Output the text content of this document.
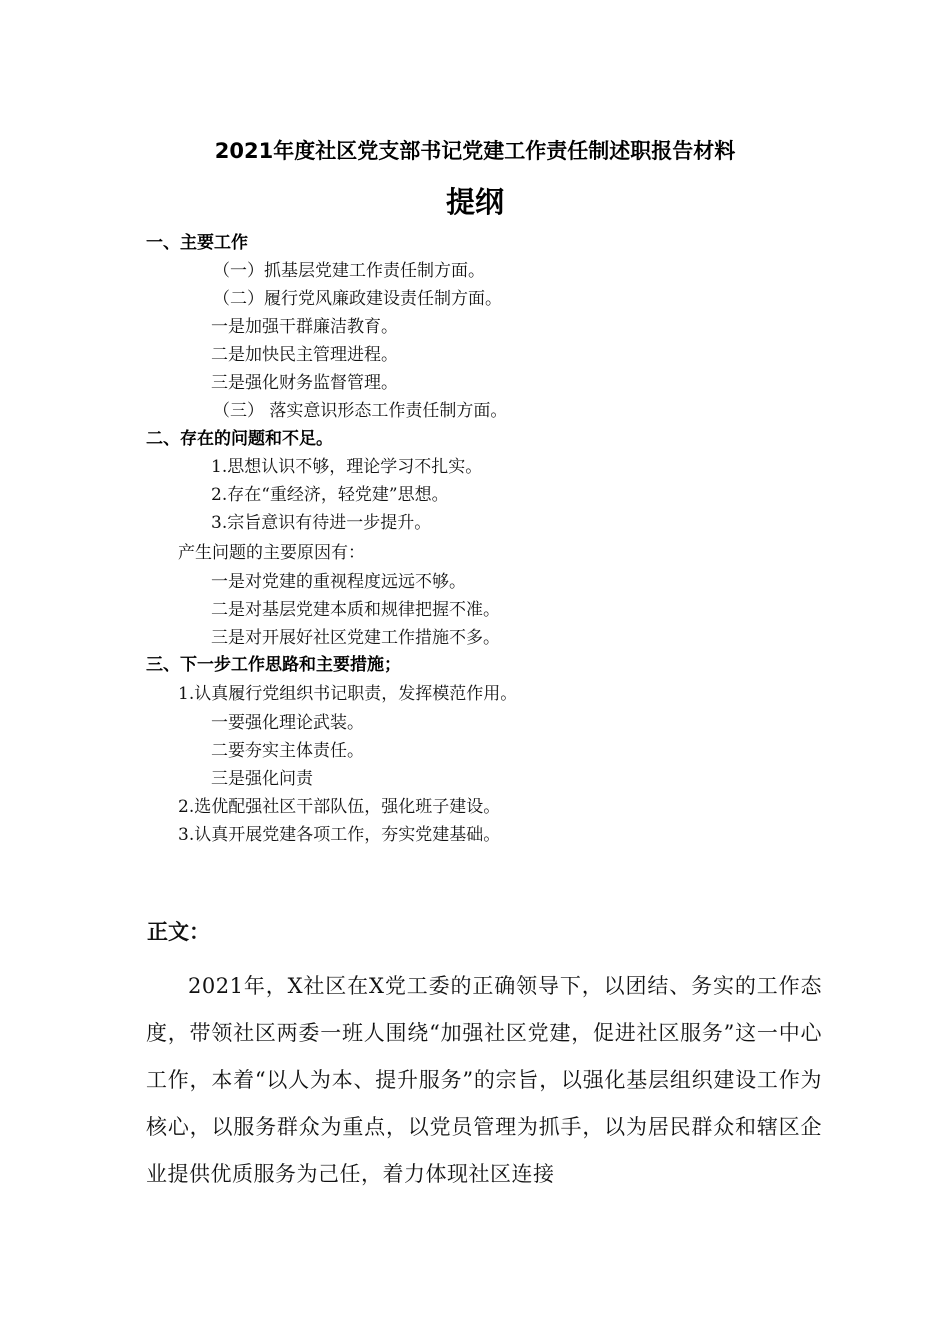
2021年度社区党支部书记党建工作责任制述职报告材料
提纲
一、主要工作
（一）抓基层党建工作责任制方面。
（二）履行党风廉政建设责任制方面。
一是加强干群廉洁教育。
二是加快民主管理进程。
三是强化财务监督管理。
（三） 落实意识形态工作责任制方面。
二、存在的问题和不足。
1.思想认识不够，理论学习不扎实。
2.存在“重经济，轻党建”思想。
3.宗旨意识有待进一步提升。
产生问题的主要原因有：
一是对党建的重视程度远远不够。
二是对基层党建本质和规律把握不准。
三是对开展好社区党建工作措施不多。
三、下一步工作思路和主要措施；
1.认真履行党组织书记职责，发挥模范作用。
一要强化理论武装。
二要夯实主体责任。
三是强化问责
2.选优配强社区干部队伍，强化班子建设。
3.认真开展党建各项工作，夯实党建基础。
正文：
2021年，X社区在X党工委的正确领导下，以团结、务实的工作态度，带领社区两委一班人围绕“加强社区党建，促进社区服务”这一中心工作，本着“以人为本、提升服务”的宗旨，以强化基层组织建设工作为核心，以服务群众为重点，以党员管理为抓手，以为居民群众和辖区企业提供优质服务为己任，着力体现社区连接
